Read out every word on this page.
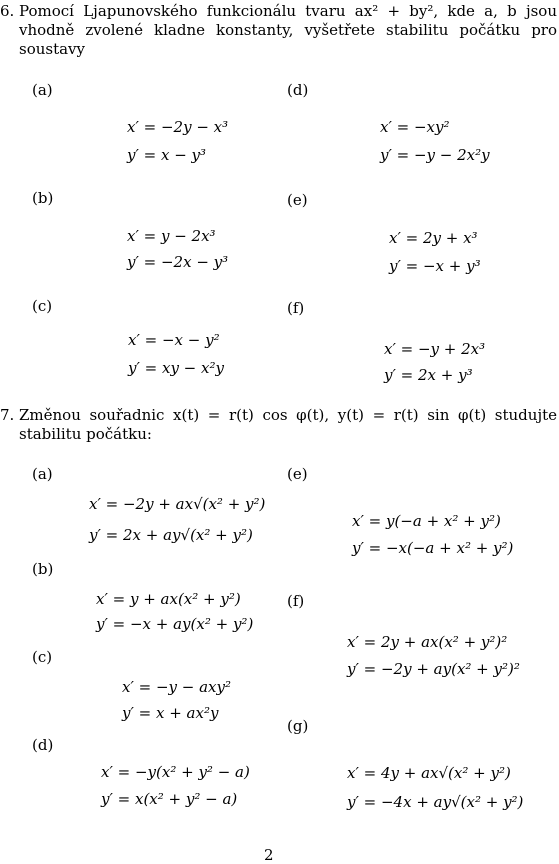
6. Pomocí Ljapunovského funkcionálu tvaru ax² + by², kde a, b jsou vhodně zvolené kladne konstanty, vyšetřete stabilitu počátku pro soustavy
(a)
x′ = −2y − x³
y′ = x − y³
(b)
x′ = y − 2x³
y′ = −2x − y³
(c)
x′ = −x − y²
y′ = xy − x²y
(d)
x′ = −xy²
y′ = −y − 2x²y
(e)
x′ = 2y + x³
y′ = −x + y³
(f)
x′ = −y + 2x³
y′ = 2x + y³
7. Změnou souřadnic x(t) = r(t) cos φ(t), y(t) = r(t) sin φ(t) studujte stabilitu počátku:
(a)
x′ = −2y + ax√(x² + y²)
y′ = 2x + ay√(x² + y²)
(b)
x′ = y + ax(x² + y²)
y′ = −x + ay(x² + y²)
(c)
x′ = −y − axy²
y′ = x + ax²y
(d)
x′ = −y(x² + y² − a)
y′ = x(x² + y² − a)
(e)
x′ = y(−a + x² + y²)
y′ = −x(−a + x² + y²)
(f)
x′ = 2y + ax(x² + y²)²
y′ = −2y + ay(x² + y²)²
(g)
x′ = 4y + ax√(x² + y²)
y′ = −4x + ay√(x² + y²)
2
